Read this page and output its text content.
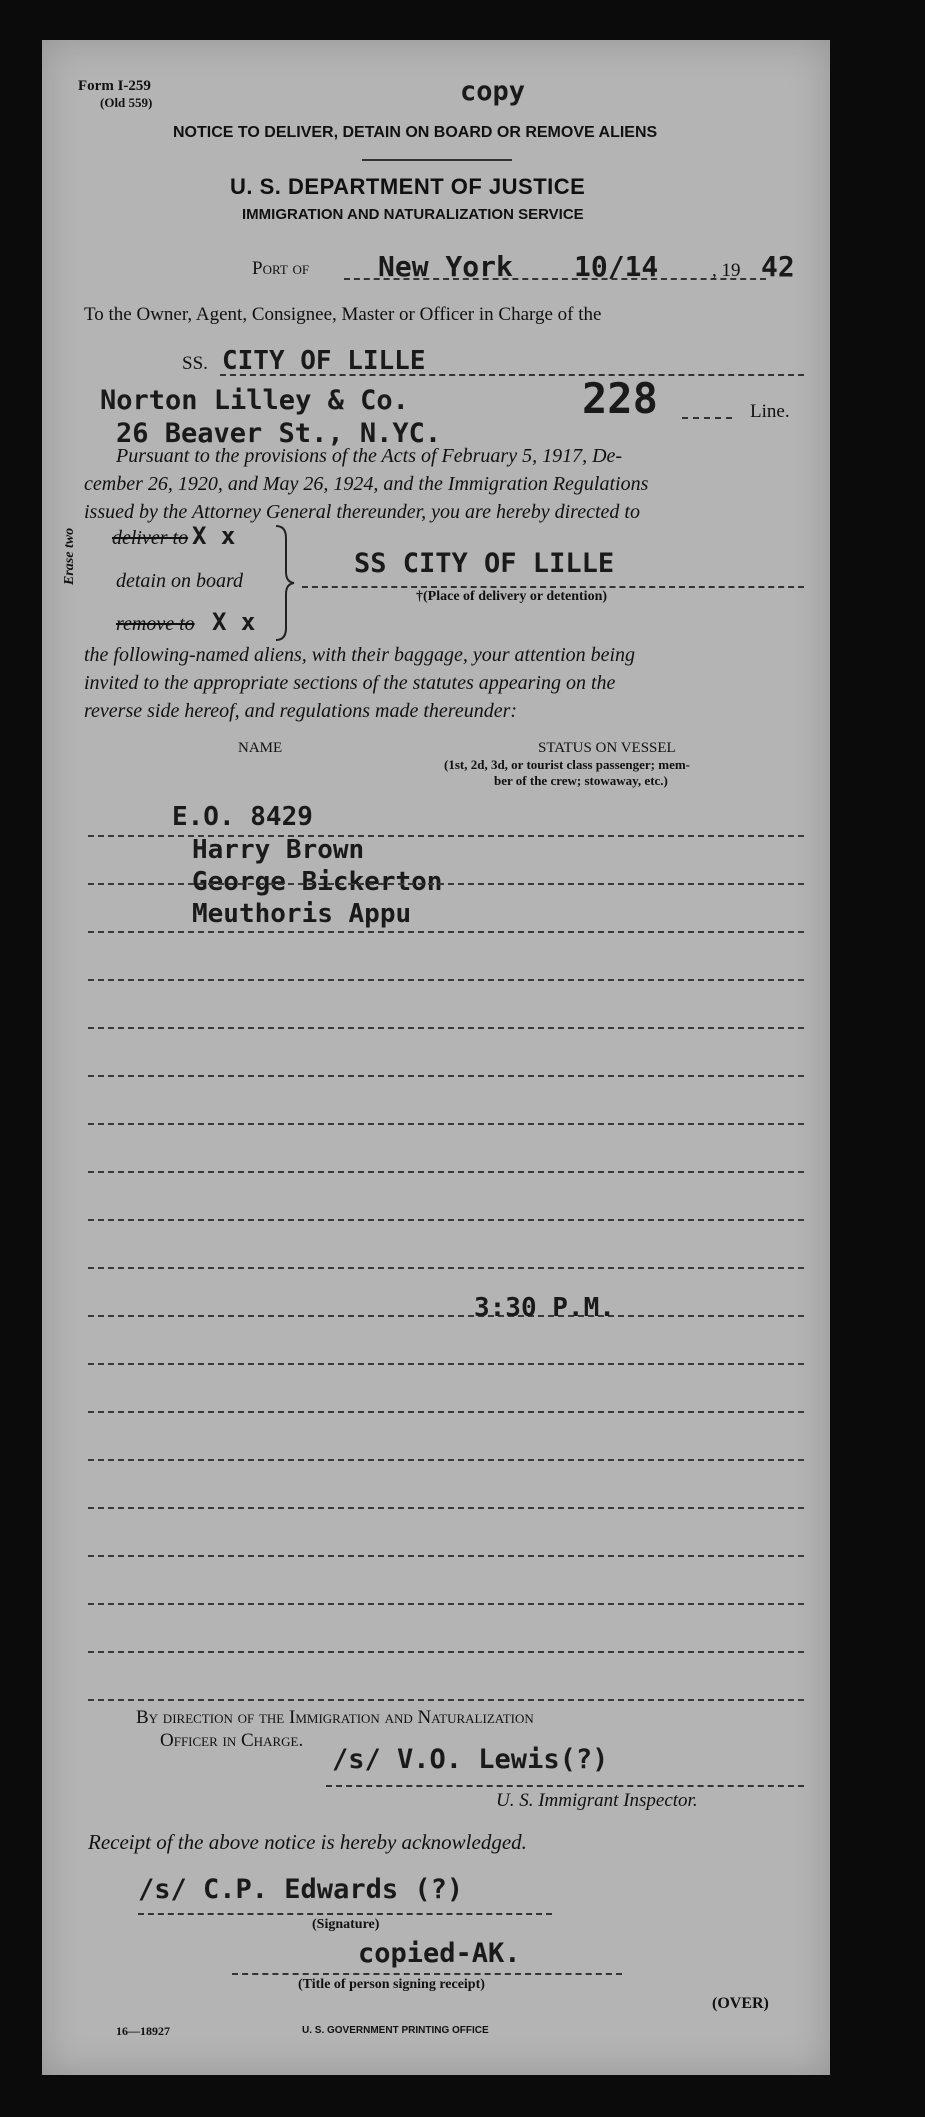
Form I-259
(Old 559)	copy
NOTICE TO DELIVER, DETAIN ON BOARD OR REMOVE ALIENS
U. S. DEPARTMENT OF JUSTICE
IMMIGRATION AND NATURALIZATION SERVICE
Port of New York 10/14	, 19 42
To the Owner, Agent, Consignee, Master or Officer in Charge of the
SS. CITY OF LILLE
Norton Lilley & Co.	228	Line.
26 Beaver St., N.YC.
Pursuant to the provisions of the Acts of February 5, 1917, De-
cember 26, 1920, and May 26, 1924, and the Immigration Regulations
issued by the Attorney General thereunder, you are hereby directed to
Erase two deliver to X x
detain on board
remove to X x
SS CITY OF LILLE
†(Place of delivery or detention)
the following-named aliens, with their baggage, your attention being
invited to the appropriate sections of the statutes appearing on the
reverse side hereof, and regulations made thereunder:
NAME	STATUS ON VESSEL
(1st, 2d, 3d, or tourist class passenger; mem-
ber of the crew; stowaway, etc.)
E.O. 8429
Harry Brown
George Bickerton
Meuthoris Appu
3:30 P.M.
By direction of the Immigration and Naturalization
Officer in Charge.
/s/ V.O. Lewis(?)
U. S. Immigrant Inspector.
Receipt of the above notice is hereby acknowledged.
/s/ C.P. Edwards (?)
(Signature)
copied-AK.
(Title of person signing receipt)
(OVER)
16—18927	U. S. GOVERNMENT PRINTING OFFICE
